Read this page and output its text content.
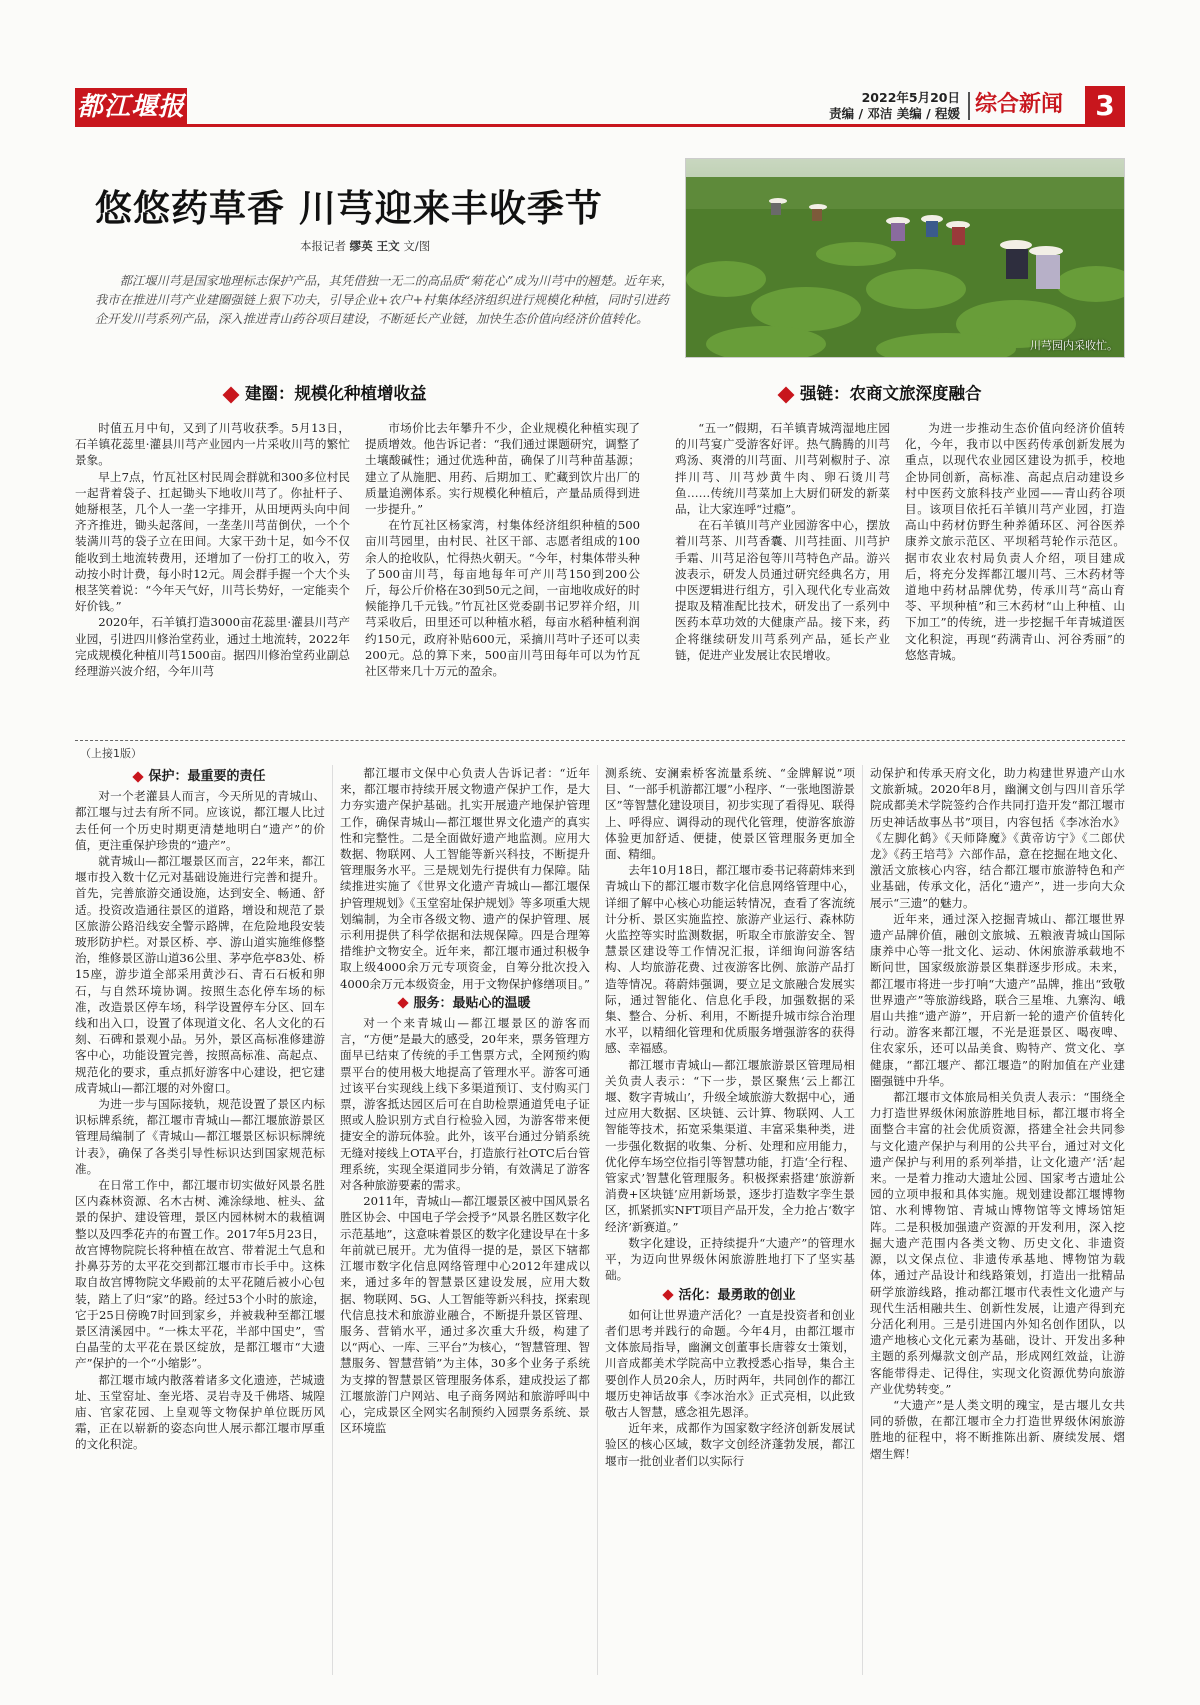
都江堰报	2022年5月20日
责编 / 邓洁 美编 / 程媛 综合新闻	3
悠悠药草香 川芎迎来丰收季节
本报记者 缪英 王文 文/图
都江堰川芎是国家地理标志保护产品，其凭借独一无二的高品质“菊花心”成为川芎中的翘楚。近年来，我市在推进川芎产业建圈强链上狠下功夫，引导企业+农户+村集体经济组织进行规模化种植，同时引进药企开发川芎系列产品，深入推进青山药谷项目建设，不断延长产业链，加快生态价值向经济价值转化。
川芎园内采收忙。
建圈：规模化种植增收益	强链：农商文旅深度融合

时值五月中旬，又到了川芎收获季。5月13日，石羊镇花蕊里·灌县川芎产业园内一片采收川芎的繁忙景象。

早上7点，竹瓦社区村民周会群就和300多位村民一起背着袋子、扛起锄头下地收川芎了。你扯杆子、她掰根茎，几个人一垄一字排开，从田埂两头向中间齐齐推进，锄头起落间，一垄垄川芎苗倒伏，一个个装满川芎的袋子立在田间。大家干劲十足，如今不仅能收到土地流转费用，还增加了一份打工的收入，劳动按小时计费，每小时12元。周会群手握一个大个头根茎笑着说：“今年天气好，川芎长势好，一定能卖个好价钱。”

2020年，石羊镇打造3000亩花蕊里·灌县川芎产业园，引进四川修治堂药业，通过土地流转，2022年完成规模化种植川芎1500亩。据四川修治堂药业副总经理游兴波介绍，今年川芎

市场价比去年攀升不少，企业规模化种植实现了提质增效。他告诉记者：“我们通过课题研究，调整了土壤酸碱性；通过优选种苗，确保了川芎种苗基源；建立了从施肥、用药、后期加工、贮藏到饮片出厂的质量追溯体系。实行规模化种植后，产量品质得到进一步提升。”

在竹瓦社区杨家湾，村集体经济组织种植的500亩川芎园里，由村民、社区干部、志愿者组成的100余人的抢收队，忙得热火朝天。“今年，村集体带头种了500亩川芎，每亩地每年可产川芎150到200公斤，每公斤价格在30到50元之间，一亩地收成好的时候能挣几千元钱。”竹瓦社区党委副书记罗祥介绍，川芎采收后，田里还可以种植水稻，每亩水稻种植利润约150元，政府补贴600元，采摘川芎叶子还可以卖200元。总的算下来，500亩川芎田每年可以为竹瓦社区带来几十万元的盈余。

“五一”假期，石羊镇青城湾湿地庄园的川芎宴广受游客好评。热气腾腾的川芎鸡汤、爽滑的川芎面、川芎剁椒肘子、凉拌川芎、川芎炒黄牛肉、卵石烫川芎鱼……传统川芎菜加上大厨们研发的新菜品，让大家连呼“过瘾”。

在石羊镇川芎产业园游客中心，摆放着川芎茶、川芎香囊、川芎挂面、川芎护手霜、川芎足浴包等川芎特色产品。游兴波表示，研发人员通过研究经典名方，用中医逻辑进行组方，引入现代化专业高效提取及精准配比技术，研发出了一系列中医药本草功效的大健康产品。接下来，药企将继续研发川芎系列产品，延长产业链，促进产业发展让农民增收。

为进一步推动生态价值向经济价值转化，今年，我市以中医药传承创新发展为重点，以现代农业园区建设为抓手，校地企协同创新，高标准、高起点启动建设乡村中医药文旅科技产业园——青山药谷项目。该项目依托石羊镇川芎产业园，打造高山中药材仿野生种养循环区、河谷医养康养文旅示范区、平坝稻芎轮作示范区。据市农业农村局负责人介绍，项目建成后，将充分发挥都江堰川芎、三木药材等道地中药材品牌优势，传承川芎“高山育苓、平坝种植”和三木药材“山上种植、山下加工”的传统，进一步挖掘千年青城道医文化积淀，再现“药满青山、河谷秀丽”的悠悠青城。

（上接1版）
保护：最重要的责任

对一个老灌县人而言，今天所见的青城山、都江堰与过去有所不同。应该说，都江堰人比过去任何一个历史时期更清楚地明白“遗产”的价值，更注重保护珍贵的“遗产”。

就青城山—都江堰景区而言，22年来，都江堰市投入数十亿元对基础设施进行完善和提升。首先，完善旅游交通设施，达到安全、畅通、舒适。投资改造通往景区的道路，增设和规范了景区旅游公路沿线安全警示路牌，在危险地段安装玻形防护栏。对景区桥、亭、游山道实施维修整治，维修景区游山道36公里、茅亭危亭83处、桥15座，游步道全部采用黄沙石、青石石板和卵石，与自然环境协调。按照生态化停车场的标准，改造景区停车场，科学设置停车分区、回车线和出入口，设置了体现道文化、名人文化的石刻、石碑和景观小品。另外，景区高标准修建游客中心，功能设置完善，按照高标准、高起点、规范化的要求，重点抓好游客中心建设，把它建成青城山—都江堰的对外窗口。

为进一步与国际接轨，规范设置了景区内标识标牌系统，都江堰市青城山—都江堰旅游景区管理局编制了《青城山—都江堰景区标识标牌统计表》，确保了各类引导性标识达到国家规范标准。

在日常工作中，都江堰市切实做好风景名胜区内森林资源、名木古树、滩涂绿地、桩头、盆景的保护、建设管理，景区内园林树木的栽植调整以及四季花卉的布置工作。2017年5月23日，故宫博物院院长将种植在故宫、带着泥土气息和扑鼻芬芳的太平花交到都江堰市市长手中。这株取自故宫博物院文华殿前的太平花随后被小心包装，踏上了归“家”的路。经过53个小时的旅途，它于25日傍晚7时回到家乡，并被栽种至都江堰景区清溪园中。“一株太平花，半部中国史”，雪白晶莹的太平花在景区绽放，是都江堰市“大遗产”保护的一个“小缩影”。

都江堰市域内散落着诸多文化遗迹，芒城遗址、玉堂窑址、奎光塔、灵岩寺及千佛塔、城隍庙、官家花园、上皇观等文物保护单位既历风霜，正在以崭新的姿态向世人展示都江堰市厚重的文化积淀。

都江堰市文保中心负责人告诉记者：“近年来，都江堰市持续开展文物遗产保护工作，是大力夯实遗产保护基础。扎实开展遗产地保护管理工作，确保青城山—都江堰世界文化遗产的真实性和完整性。二是全面做好遗产地监测。应用大数据、物联网、人工智能等新兴科技，不断提升管理服务水平。三是规划先行提供有力保障。陆续推进实施了《世界文化遗产青城山—都江堰保护管理规划》《玉堂窑址保护规划》等多项重大规划编制，为全市各级文物、遗产的保护管理、展示利用提供了科学依据和法规保障。四是合理筹措维护文物安全。近年来，都江堰市通过积极争取上级4000余万元专项资金，自筹分批次投入4000余万元本级资金，用于文物保护修缮项目。”

服务：最贴心的温暖

对一个来青城山—都江堰景区的游客而言，“方便”是最大的感受，20年来，票务管理方面早已结束了传统的手工售票方式，全网预约购票平台的使用极大地提高了管理水平。游客可通过该平台实现线上线下多渠道预订、支付购买门票，游客抵达园区后可在自助检票通道凭电子证照或人脸识别方式自行检验入园，为游客带来便捷安全的游玩体验。此外，该平台通过分销系统无缝对接线上OTA平台，打造旅行社OTC后台管理系统，实现全渠道同步分销，有效满足了游客对各种旅游要素的需求。

2011年，青城山—都江堰景区被中国风景名胜区协会、中国电子学会授予“风景名胜区数字化示范基地”，这意味着景区的数字化建设早在十多年前就已展开。尤为值得一提的是，景区下辖都江堰市数字化信息网络管理中心2012年建成以来，通过多年的智慧景区建设发展，应用大数据、物联网、5G、人工智能等新兴科技，探索现代信息技术和旅游业融合，不断提升景区管理、服务、营销水平，通过多次重大升级，构建了以“两心、一库、三平台”为核心，“智慧管理、智慧服务、智慧营销”为主体，30多个业务子系统为支撑的智慧景区管理服务体系，建成投运了都江堰旅游门户网站、电子商务网站和旅游呼叫中心，完成景区全网实名制预约入园票务系统、景区环境监

测系统、安澜索桥客流量系统、“金牌解说”项目、“一部手机游都江堰”小程序、“一张地图游景区”等智慧化建设项目，初步实现了看得见、联得上、呼得应、调得动的现代化管理，使游客旅游体验更加舒适、便捷，使景区管理服务更加全面、精细。

去年10月18日，都江堰市委书记蒋蔚炜来到青城山下的都江堰市数字化信息网络管理中心，详细了解中心核心功能运转情况，查看了客流统计分析、景区实施监控、旅游产业运行、森林防火监控等实时监测数据，听取全市旅游安全、智慧景区建设等工作情况汇报，详细询问游客结构、人均旅游花费、过夜游客比例、旅游产品打造等情况。蒋蔚炜强调，要立足文旅融合发展实际，通过智能化、信息化手段，加强数据的采集、整合、分析、利用，不断提升城市综合治理水平，以精细化管理和优质服务增强游客的获得感、幸福感。

都江堰市青城山—都江堰旅游景区管理局相关负责人表示：“下一步，景区聚焦‘云上都江堰、数字青城山’，升级全域旅游大数据中心，通过应用大数据、区块链、云计算、物联网、人工智能等技术，拓宽采集渠道、丰富采集种类，进一步强化数据的收集、分析、处理和应用能力，优化停车场空位指引等智慧功能，打造‘全行程、管家式’智慧化管理服务。积极探索搭建‘旅游新消费+区块链’应用新场景，逐步打造数字孪生景区，抓紧抓实NFT项目产品开发，全力抢占‘数字经济’新赛道。”

数字化建设，正持续提升“大遗产”的管理水平，为迈向世界级休闲旅游胜地打下了坚实基础。

活化：最勇敢的创业

如何让世界遗产活化？一直是投资者和创业者们思考并践行的命题。今年4月，由都江堰市文体旅局指导，幽澜文创董事长唐蓉女士策划，川音成都美术学院高中立教授悉心指导，集合主要创作人员20余人，历时两年，共同创作的都江堰历史神话故事《李冰治水》正式亮相，以此致敬古人智慧，感念祖先恩泽。

近年来，成都作为国家数字经济创新发展试验区的核心区域，数字文创经济蓬勃发展，都江堰市一批创业者们以实际行

动保护和传承天府文化，助力构建世界遗产山水文旅新城。2020年8月，幽澜文创与四川音乐学院成都美术学院签约合作共同打造开发“都江堰市历史神话故事丛书”项目，内容包括《李冰治水》《左脚化鹤》《天师降魔》《黄帝访宁》《二郎伏龙》《药王培芎》六部作品，意在挖掘在地文化、激活文旅核心内容，结合都江堰市旅游特色和产业基础，传承文化，活化“遗产”，进一步向大众展示“三遗”的魅力。

近年来，通过深入挖掘青城山、都江堰世界遗产品牌价值，融创文旅城、五粮液青城山国际康养中心等一批文化、运动、休闲旅游承载地不断问世，国家级旅游景区集群逐步形成。未来，都江堰市将进一步打响“大遗产”品牌，推出“致敬世界遗产”等旅游线路，联合三星堆、九寨沟、峨眉山共推“遗产游”，开启新一轮的遗产价值转化行动。游客来都江堰，不光是逛景区、喝夜啤、住农家乐，还可以品美食、购特产、赏文化、享健康，“都江堰产、都江堰造”的附加值在产业建圈强链中升华。

都江堰市文体旅局相关负责人表示：“围绕全力打造世界级休闲旅游胜地目标，都江堰市将全面整合丰富的社会优质资源，搭建全社会共同参与文化遗产保护与利用的公共平台，通过对文化遗产保护与利用的系列举措，让文化遗产‘活’起来。一是着力推动大遗址公园、国家考古遗址公园的立项申报和具体实施。规划建设都江堰博物馆、水利博物馆、青城山博物馆等文博场馆矩阵。二是积极加强遗产资源的开发利用，深入挖掘大遗产范围内各类文物、历史文化、非遗资源，以文保点位、非遗传承基地、博物馆为载体，通过产品设计和线路策划，打造出一批精品研学旅游线路，推动都江堰市代表性文化遗产与现代生活相融共生、创新性发展，让遗产得到充分活化利用。三是引进国内外知名创作团队，以遗产地核心文化元素为基础，设计、开发出多种主题的系列爆款文创产品，形成网红效益，让游客能带得走、记得住，实现文化资源优势向旅游产业优势转变。”

“大遗产”是人类文明的瑰宝，是古堰儿女共同的骄傲，在都江堰市全力打造世界级休闲旅游胜地的征程中，将不断推陈出新、赓续发展、熠熠生辉！
